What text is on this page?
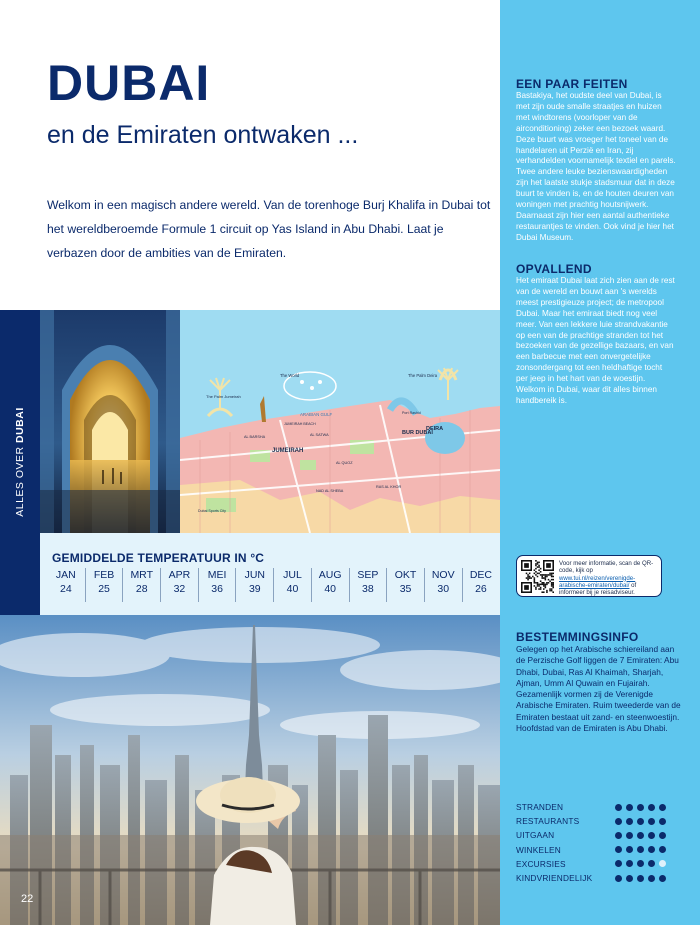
DUBAI
en de Emiraten ontwaken ...

Welkom in een magisch andere wereld. Van de torenhoge Burj Khalifa in Dubai tot het wereldberoemde Formule 1 circuit op Yas Island in Abu Dhabi. Laat je verbazen door de ambities van de Emiraten.

EEN PAAR FEITEN

Bastakiya, het oudste deel van Dubai, is met zijn oude smalle straatjes en huizen met windtorens (voorloper van de airconditioning) zeker een bezoek waard. Deze buurt was vroeger het toneel van de handelaren uit Perzië en Iran, zij verhandelden voornamelijk textiel en parels. Twee andere leuke bezienswaardigheden zijn het laatste stukje stadsmuur dat in deze buurt te vinden is, en de houten deuren van woningen met prachtig houtsnijwerk. Daarnaast zijn hier een aantal authentieke restaurantjes te vinden. Ook vind je hier het Dubai Museum.

OPVALLEND

Het emiraat Dubai laat zich zien aan de rest van de wereld en bouwt aan 's werelds meest prestigieuze project; de metropool Dubai. Maar het emiraat biedt nog veel meer. Van een lekkere luie strandvakantie op een van de prachtige stranden tot het bezoeken van de gezellige bazaars, en van een barbecue met een onvergetelijke zonsondergang tot een heldhaftige tocht per jeep in het hart van de woestijn. Welkom in Dubai, waar dit alles binnen handbereik is.

ALLES OVER DUBAI
The World	The Palm Deira
The Palm Jumeirah
ARABIAN GULF
JUMEIRAH BEACH
Port Rashid
JUMEIRAH
BUR DUBAI
DEIRA
AL BARSHA	AL SATWA
AL QUOZ
NAD AL SHEBA
RAS AL KHOR
Dubai Sports City
GEMIDDELDE TEMPERATUUR IN °C
JAN
24
FEB
25
MRT
28
APR
32
MEI
36
JUN
39
JUL
40
AUG
40
SEP
38
OKT
35
NOV
30
DEC
26
Voor meer informatie, scan de QR-code, kijk op www.tui.nl/reizen/verenigde-arabische-emiraten/dubai/ of informeer bij je reisadviseur.
BESTEMMINGSINFO

Gelegen op het Arabische schiereiland aan de Perzische Golf liggen de 7 Emiraten: Abu Dhabi, Dubai, Ras Al Khaimah, Sharjah, Ajman, Umm Al Quwain en Fujairah. Gezamenlijk vormen zij de Verenigde Arabische Emiraten. Ruim tweederde van de Emiraten bestaat uit zand- en steenwoestijn. Hoofdstad van de Emiraten is Abu Dhabi.

STRANDEN
RESTAURANTS
UITGAAN
WINKELEN
EXCURSIES
KINDVRIENDELIJK
22
